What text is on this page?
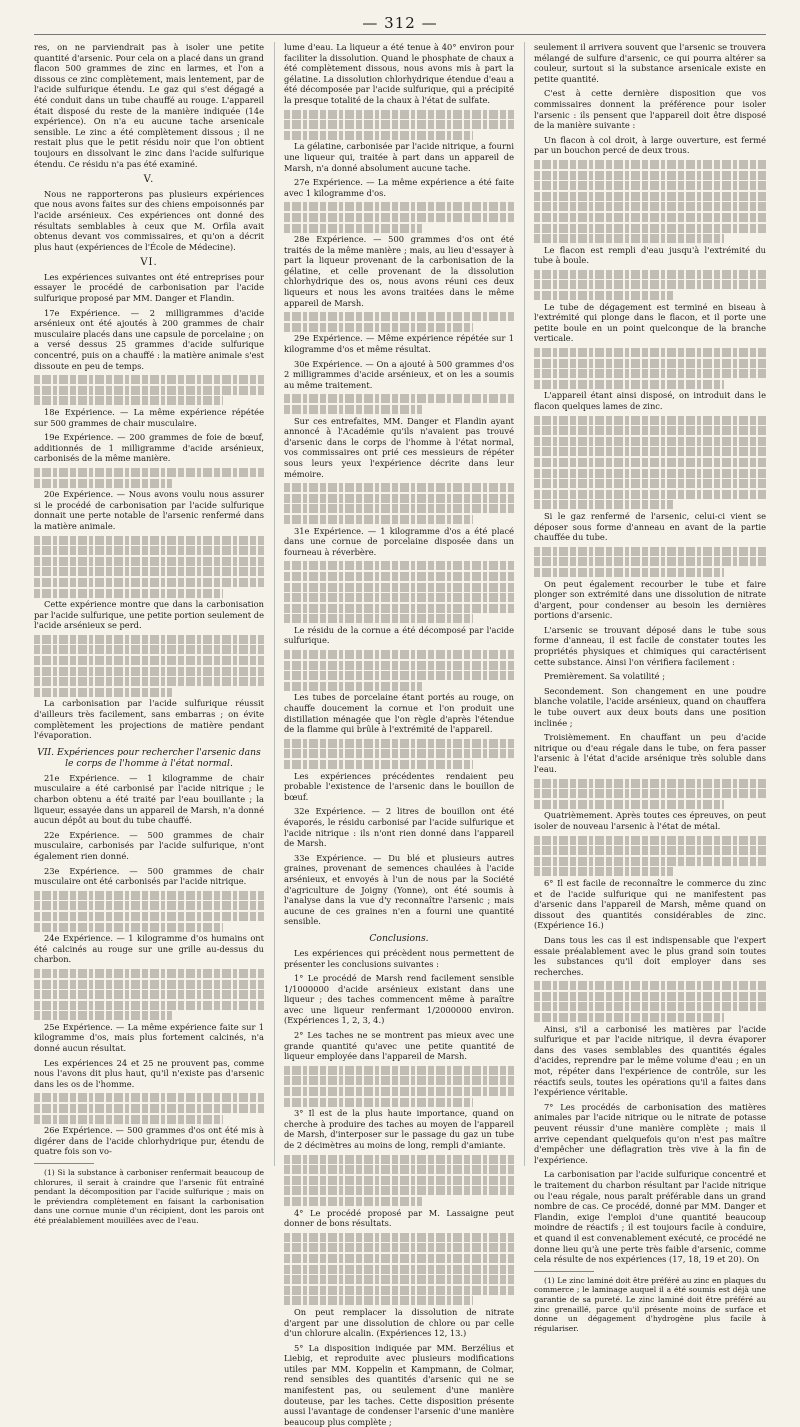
— 312 —

res, on ne parviendrait pas à isoler une petite quantité d'arsenic. Pour cela on a placé dans un grand flacon 500 grammes de zinc en larmes, et l'on a dissous ce zinc complètement, mais lentement, par de l'acide sulfurique étendu. Le gaz qui s'est dégagé a été conduit dans un tube chauffé au rouge. L'appareil était disposé du reste de la manière indiquée (14e expérience). On n'a eu aucune tache arsenicale sensible. Le zinc a été complètement dissous ; il ne restait plus que le petit résidu noir que l'on obtient toujours en dissolvant le zinc dans l'acide sulfurique étendu. Ce résidu n'a pas été examiné.

V.

Nous ne rapporterons pas plusieurs expériences que nous avons faites sur des chiens empoisonnés par l'acide arsénieux. Ces expériences ont donné des résultats semblables à ceux que M. Orfila avait obtenus devant vos commissaires, et qu'on a décrit plus haut (expériences de l'École de Médecine).

VI.

Les expériences suivantes ont été entreprises pour essayer le procédé de carbonisation par l'acide sulfurique proposé par MM. Danger et Flandin.

17e Expérience. — 2 milligrammes d'acide arsénieux ont été ajoutés à 200 grammes de chair musculaire placés dans une capsule de porcelaine ; on a versé dessus 25 grammes d'acide sulfurique concentré, puis on a chauffé : la matière animale s'est dissoute en peu de temps.

18e Expérience. — La même expérience répétée sur 500 grammes de chair musculaire.

19e Expérience. — 200 grammes de foie de bœuf, additionnés de 1 milligramme d'acide arsénieux, carbonisés de la même manière.

20e Expérience. — Nous avons voulu nous assurer si le procédé de carbonisation par l'acide sulfurique donnait une perte notable de l'arsenic renfermé dans la matière animale.

Cette expérience montre que dans la carbonisation par l'acide sulfurique, une petite portion seulement de l'acide arsénieux se perd.

La carbonisation par l'acide sulfurique réussit d'ailleurs très facilement, sans embarras ; on évite complètement les projections de matière pendant l'évaporation.

VII. Expériences pour rechercher l'arsenic dans le corps de l'homme à l'état normal.

21e Expérience. — 1 kilogramme de chair musculaire a été carbonisé par l'acide nitrique ; le charbon obtenu a été traité par l'eau bouillante ; la liqueur, essayée dans un appareil de Marsh, n'a donné aucun dépôt au bout du tube chauffé.

22e Expérience. — 500 grammes de chair musculaire, carbonisés par l'acide sulfurique, n'ont également rien donné.

23e Expérience. — 500 grammes de chair musculaire ont été carbonisés par l'acide nitrique.

24e Expérience. — 1 kilogramme d'os humains ont été calcinés au rouge sur une grille au-dessus du charbon.

25e Expérience. — La même expérience faite sur 1 kilogramme d'os, mais plus fortement calcinés, n'a donné aucun résultat.

Les expériences 24 et 25 ne prouvent pas, comme nous l'avons dit plus haut, qu'il n'existe pas d'arsenic dans les os de l'homme.

26e Expérience. — 500 grammes d'os ont été mis à digérer dans de l'acide chlorhydrique pur, étendu de quatre fois son vo-

(1) Si la substance à carboniser renfermait beaucoup de chlorures, il serait à craindre que l'arsenic fût entraîné pendant la décomposition par l'acide sulfurique ; mais on le préviendra complètement en faisant la carbonisation dans une cornue munie d'un récipient, dont les parois ont été préalablement mouillées avec de l'eau.

lume d'eau. La liqueur a été tenue à 40° environ pour faciliter la dissolution. Quand le phosphate de chaux a été complètement dissous, nous avons mis à part la gélatine. La dissolution chlorhydrique étendue d'eau a été décomposée par l'acide sulfurique, qui a précipité la presque totalité de la chaux à l'état de sulfate.

La gélatine, carbonisée par l'acide nitrique, a fourni une liqueur qui, traitée à part dans un appareil de Marsh, n'a donné absolument aucune tache.

27e Expérience. — La même expérience a été faite avec 1 kilogramme d'os.

28e Expérience. — 500 grammes d'os ont été traités de la même manière ; mais, au lieu d'essayer à part la liqueur provenant de la carbonisation de la gélatine, et celle provenant de la dissolution chlorhydrique des os, nous avons réuni ces deux liqueurs et nous les avons traitées dans le même appareil de Marsh.

29e Expérience. — Même expérience répétée sur 1 kilogramme d'os et même résultat.

30e Expérience. — On a ajouté à 500 grammes d'os 2 milligrammes d'acide arsénieux, et on les a soumis au même traitement.

Sur ces entrefaites, MM. Danger et Flandin ayant annoncé à l'Académie qu'ils n'avaient pas trouvé d'arsenic dans le corps de l'homme à l'état normal, vos commissaires ont prié ces messieurs de répéter sous leurs yeux l'expérience décrite dans leur mémoire.

31e Expérience. — 1 kilogramme d'os a été placé dans une cornue de porcelaine disposée dans un fourneau à réverbère.

Le résidu de la cornue a été décomposé par l'acide sulfurique.

Les tubes de porcelaine étant portés au rouge, on chauffe doucement la cornue et l'on produit une distillation ménagée que l'on règle d'après l'étendue de la flamme qui brûle à l'extrémité de l'appareil.

Les expériences précédentes rendaient peu probable l'existence de l'arsenic dans le bouillon de bœuf.

32e Expérience. — 2 litres de bouillon ont été évaporés, le résidu carbonisé par l'acide sulfurique et l'acide nitrique : ils n'ont rien donné dans l'appareil de Marsh.

33e Expérience. — Du blé et plusieurs autres graines, provenant de semences chaulées à l'acide arsénieux, et envoyés à l'un de nous par la Société d'agriculture de Joigny (Yonne), ont été soumis à l'analyse dans la vue d'y reconnaître l'arsenic ; mais aucune de ces graines n'en a fourni une quantité sensible.

Conclusions.

Les expériences qui précèdent nous permettent de présenter les conclusions suivantes :

1° Le procédé de Marsh rend facilement sensible 1/1000000 d'acide arsénieux existant dans une liqueur ; des taches commencent même à paraître avec une liqueur renfermant 1/2000000 environ. (Expériences 1, 2, 3, 4.)

2° Les taches ne se montrent pas mieux avec une grande quantité qu'avec une petite quantité de liqueur employée dans l'appareil de Marsh.

3° Il est de la plus haute importance, quand on cherche à produire des taches au moyen de l'appareil de Marsh, d'interposer sur le passage du gaz un tube de 2 décimètres au moins de long, rempli d'amiante.

4° Le procédé proposé par M. Lassaigne peut donner de bons résultats.

On peut remplacer la dissolution de nitrate d'argent par une dissolution de chlore ou par celle d'un chlorure alcalin. (Expériences 12, 13.)

5° La disposition indiquée par MM. Berzélius et Liebig, et reproduite avec plusieurs modifications utiles par MM. Koppelin et Kampmann, de Colmar, rend sensibles des quantités d'arsenic qui ne se manifestent pas, ou seulement d'une manière douteuse, par les taches. Cette disposition présente aussi l'avantage de condenser l'arsenic d'une manière beaucoup plus complète ;

seulement il arrivera souvent que l'arsenic se trouvera mélangé de sulfure d'arsenic, ce qui pourra altérer sa couleur, surtout si la substance arsenicale existe en petite quantité.

C'est à cette dernière disposition que vos commissaires donnent la préférence pour isoler l'arsenic : ils pensent que l'appareil doit être disposé de la manière suivante :

Un flacon à col droit, à large ouverture, est fermé par un bouchon percé de deux trous.

Le flacon est rempli d'eau jusqu'à l'extrémité du tube à boule.

Le tube de dégagement est terminé en biseau à l'extrémité qui plonge dans le flacon, et il porte une petite boule en un point quelconque de la branche verticale.

L'appareil étant ainsi disposé, on introduit dans le flacon quelques lames de zinc.

Si le gaz renfermé de l'arsenic, celui-ci vient se déposer sous forme d'anneau en avant de la partie chauffée du tube.

On peut également recourber le tube et faire plonger son extrémité dans une dissolution de nitrate d'argent, pour condenser au besoin les dernières portions d'arsenic.

L'arsenic se trouvant déposé dans le tube sous forme d'anneau, il est facile de constater toutes les propriétés physiques et chimiques qui caractérisent cette substance. Ainsi l'on vérifiera facilement :

Premièrement. Sa volatilité ;

Secondement. Son changement en une poudre blanche volatile, l'acide arsénieux, quand on chauffera le tube ouvert aux deux bouts dans une position inclinée ;

Troisièmement. En chauffant un peu d'acide nitrique ou d'eau régale dans le tube, on fera passer l'arsenic à l'état d'acide arsénique très soluble dans l'eau.

Quatrièmement. Après toutes ces épreuves, on peut isoler de nouveau l'arsenic à l'état de métal.

6° Il est facile de reconnaître le commerce du zinc et de l'acide sulfurique qui ne manifestent pas d'arsenic dans l'appareil de Marsh, même quand on dissout des quantités considérables de zinc. (Expérience 16.)

Dans tous les cas il est indispensable que l'expert essaie préalablement avec le plus grand soin toutes les substances qu'il doit employer dans ses recherches.

Ainsi, s'il a carbonisé les matières par l'acide sulfurique et par l'acide nitrique, il devra évaporer dans des vases semblables des quantités égales d'acides, reprendre par le même volume d'eau ; en un mot, répéter dans l'expérience de contrôle, sur les réactifs seuls, toutes les opérations qu'il a faites dans l'expérience véritable.

7° Les procédés de carbonisation des matières animales par l'acide nitrique ou le nitrate de potasse peuvent réussir d'une manière complète ; mais il arrive cependant quelquefois qu'on n'est pas maître d'empêcher une déflagration très vive à la fin de l'expérience.

La carbonisation par l'acide sulfurique concentré et le traitement du charbon résultant par l'acide nitrique ou l'eau régale, nous paraît préférable dans un grand nombre de cas. Ce procédé, donné par MM. Danger et Flandin, exige l'emploi d'une quantité beaucoup moindre de réactifs ; il est toujours facile à conduire, et quand il est convenablement exécuté, ce procédé ne donne lieu qu'à une perte très faible d'arsenic, comme cela résulte de nos expériences (17, 18, 19 et 20). On

(1) Le zinc laminé doit être préféré au zinc en plaques du commerce ; le laminage auquel il a été soumis est déjà une garantie de sa pureté. Le zinc laminé doit être préféré au zinc grenaillé, parce qu'il présente moins de surface et donne un dégagement d'hydrogène plus facile à régulariser.
